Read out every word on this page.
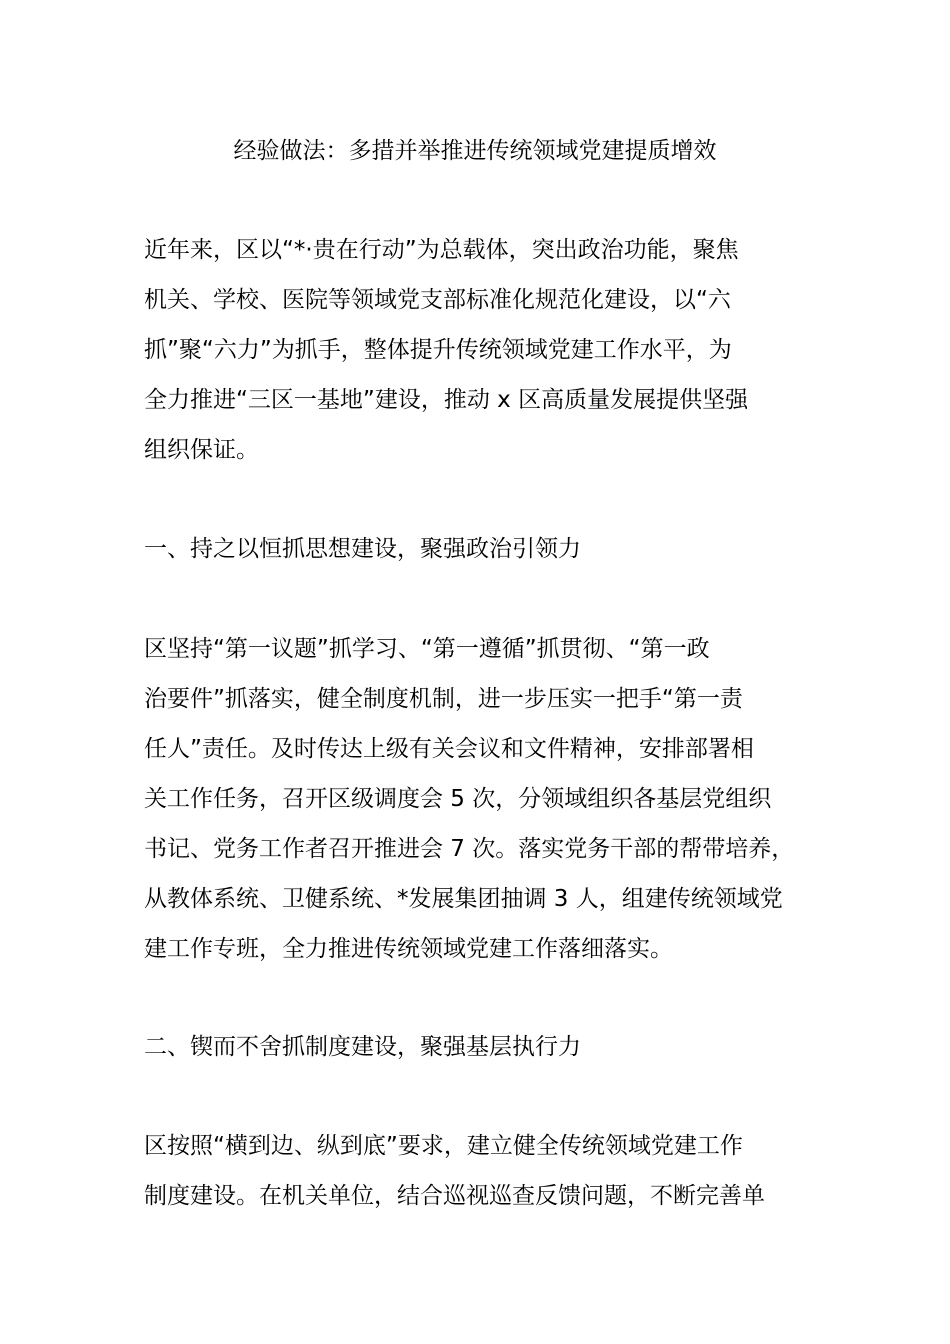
经验做法：多措并举推进传统领域党建提质增效
近年来，区以“*·贵在行动”为总载体，突出政治功能，聚焦
机关、学校、医院等领域党支部标准化规范化建设，以“六
抓”聚“六力”为抓手，整体提升传统领域党建工作水平，为
全力推进“三区一基地”建设，推动 x 区高质量发展提供坚强
组织保证。
一、持之以恒抓思想建设，聚强政治引领力
区坚持“第一议题”抓学习、“第一遵循”抓贯彻、“第一政
治要件”抓落实，健全制度机制，进一步压实一把手“第一责
任人”责任。及时传达上级有关会议和文件精神，安排部署相
关工作任务，召开区级调度会 5 次，分领域组织各基层党组织
书记、党务工作者召开推进会 7 次。落实党务干部的帮带培养，
从教体系统、卫健系统、*发展集团抽调 3 人，组建传统领域党
建工作专班，全力推进传统领域党建工作落细落实。
二、锲而不舍抓制度建设，聚强基层执行力
区按照“横到边、纵到底”要求，建立健全传统领域党建工作
制度建设。在机关单位，结合巡视巡查反馈问题，不断完善单
